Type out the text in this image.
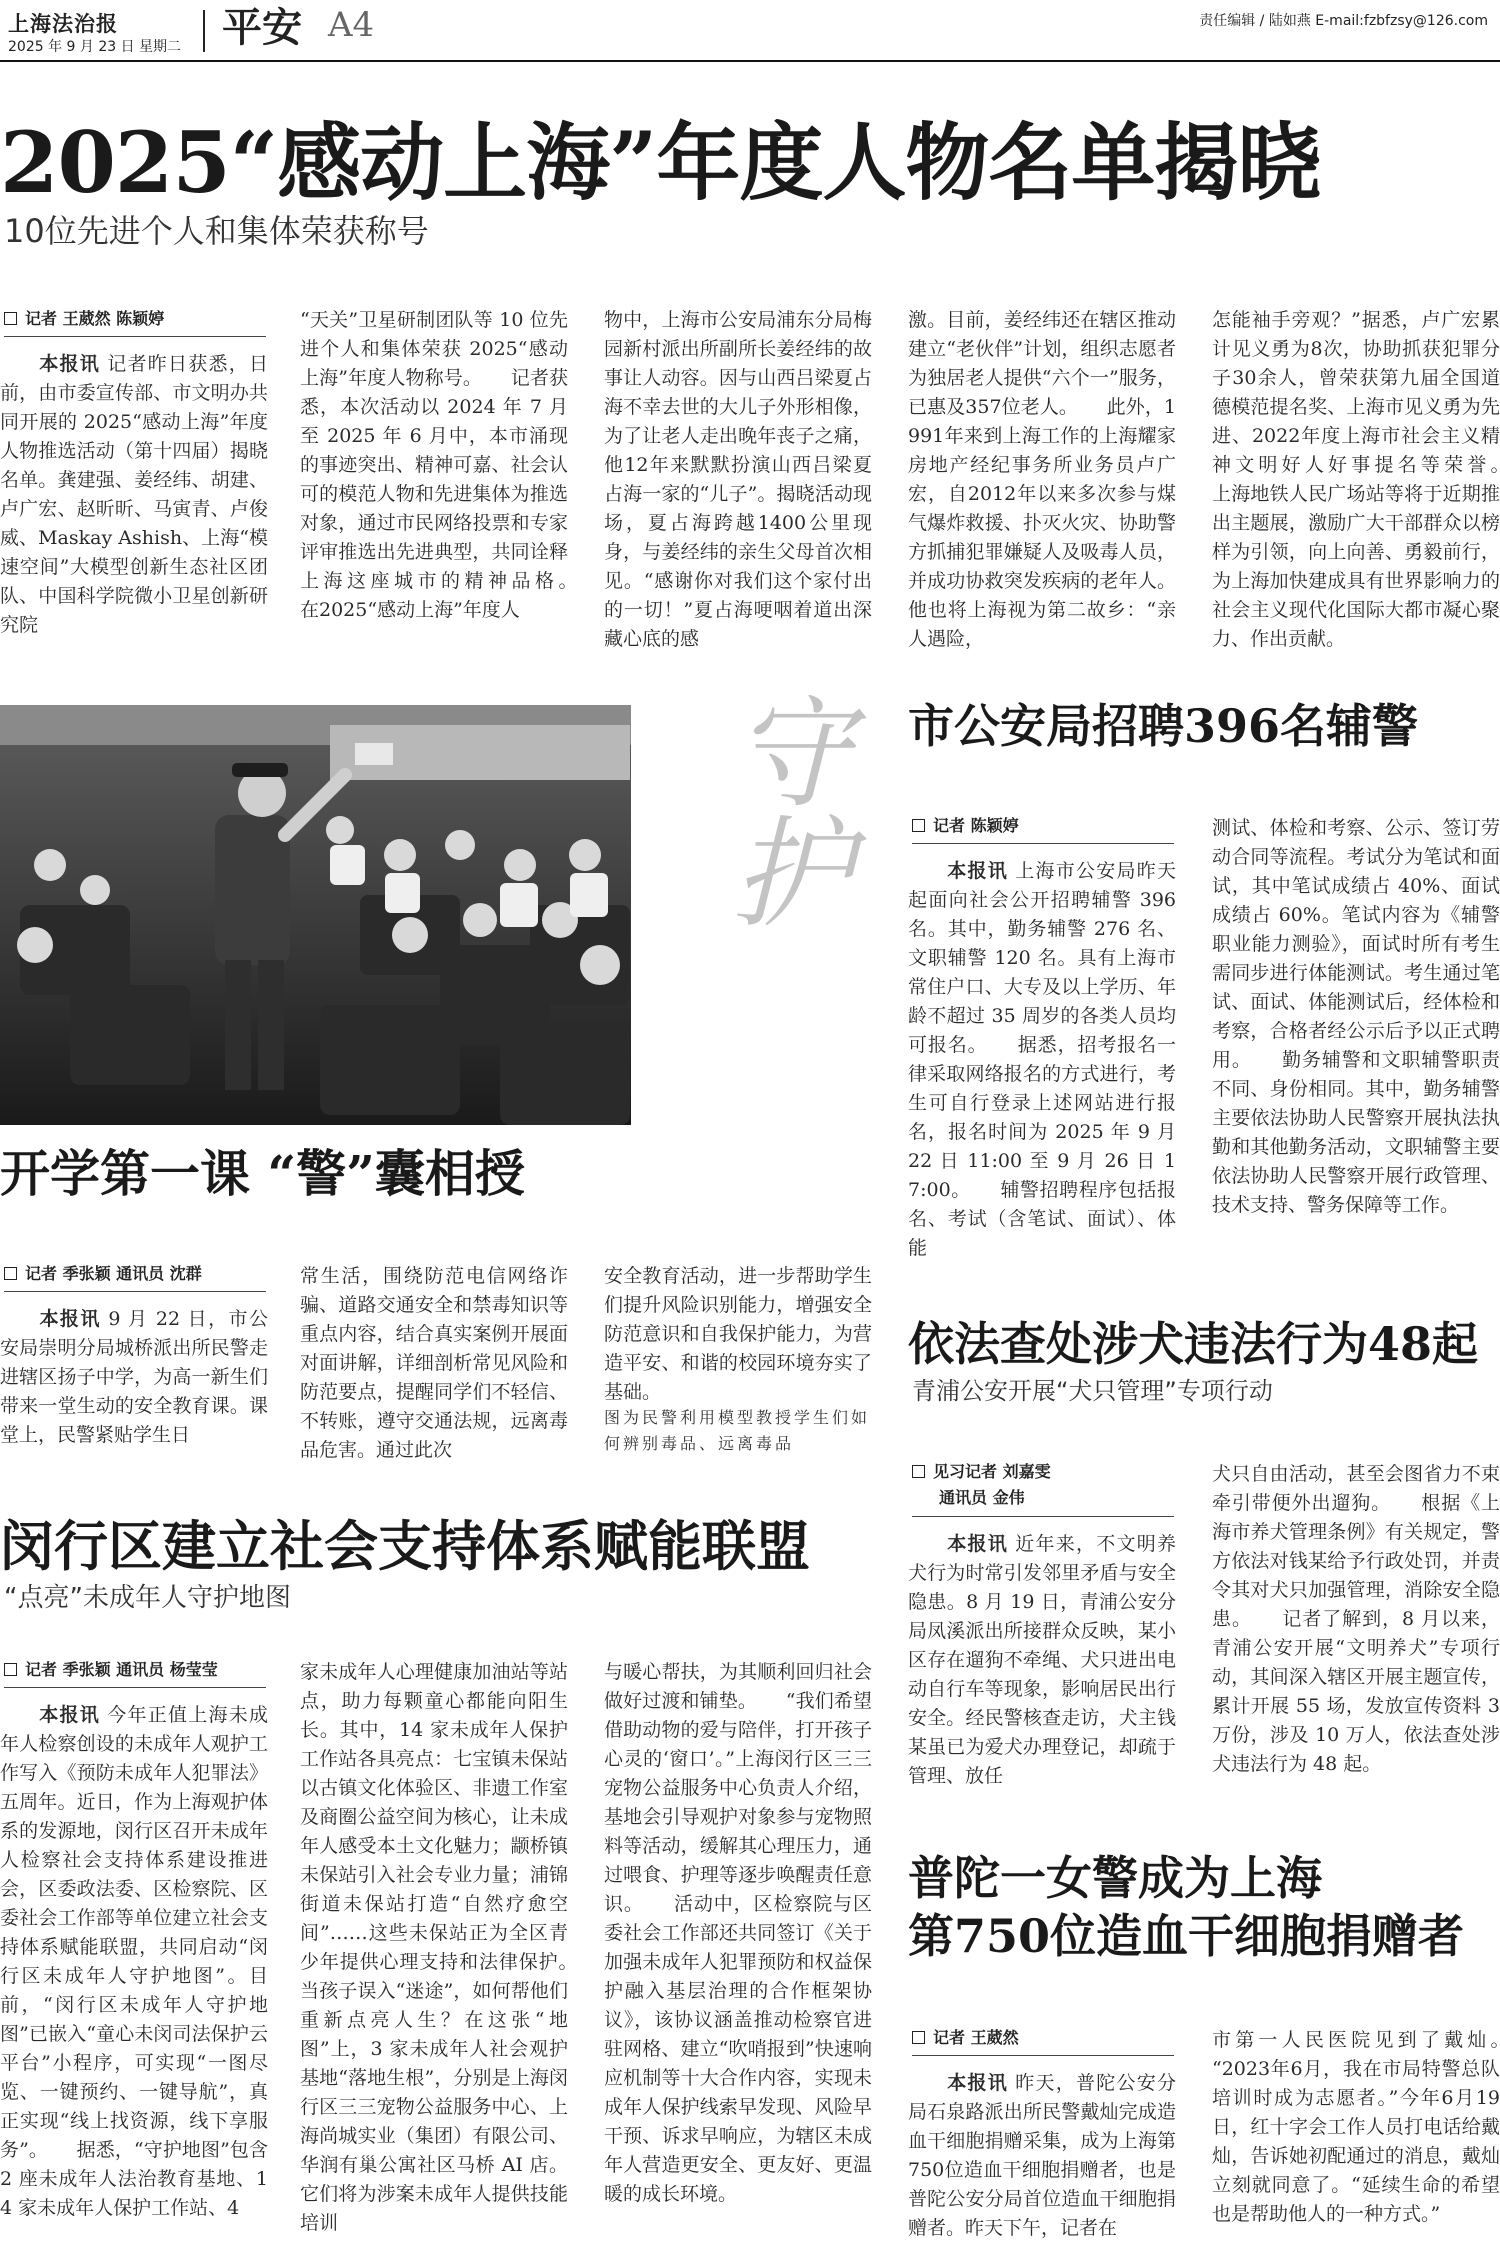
上海法治报
2025 年 9 月 23 日 星期二 平安 A4	责任编辑 / 陆如燕 E-mail:fzbfzsy@126.com
2025“感动上海”年度人物名单揭晓
10位先进个人和集体荣获称号
记者 王葳然 陈颖婷
本报讯 记者昨日获悉，日前，由市委宣传部、市文明办共同开展的 2025“感动上海”年度人物推选活动（第十四届）揭晓名单。龚建强、姜经纬、胡建、卢广宏、赵昕昕、马寅青、卢俊威、Maskay Ashish、上海“模速空间”大模型创新生态社区团队、中国科学院微小卫星创新研究院
“天关”卫星研制团队等 10 位先进个人和集体荣获 2025“感动上海”年度人物称号。　　记者获悉，本次活动以 2024 年 7 月至 2025 年 6 月中，本市涌现的事迹突出、精神可嘉、社会认可的模范人物和先进集体为推选对象，通过市民网络投票和专家评审推选出先进典型，共同诠释上海这座城市的精神品格。　　在2025“感动上海”年度人
物中，上海市公安局浦东分局梅园新村派出所副所长姜经纬的故事让人动容。因与山西吕梁夏占海不幸去世的大儿子外形相像，为了让老人走出晚年丧子之痛，他12年来默默扮演山西吕梁夏占海一家的“儿子”。揭晓活动现场，夏占海跨越1400公里现身，与姜经纬的亲生父母首次相见。“感谢你对我们这个家付出的一切！”夏占海哽咽着道出深藏心底的感
激。目前，姜经纬还在辖区推动建立“老伙伴”计划，组织志愿者为独居老人提供“六个一”服务，已惠及357位老人。　　此外，1991年来到上海工作的上海耀家房地产经纪事务所业务员卢广宏，自2012年以来多次参与煤气爆炸救援、扑灭火灾、协助警方抓捕犯罪嫌疑人及吸毒人员，并成功协救突发疾病的老年人。他也将上海视为第二故乡：“亲人遇险，
怎能袖手旁观？”据悉，卢广宏累计见义勇为8次，协助抓获犯罪分子30余人，曾荣获第九届全国道德模范提名奖、上海市见义勇为先进、2022年度上海市社会主义精神文明好人好事提名等荣誉。　　上海地铁人民广场站等将于近期推出主题展，激励广大干部群众以榜样为引领，向上向善、勇毅前行，为上海加快建成具有世界影响力的社会主义现代化国际大都市凝心聚力、作出贡献。
守护
开学第一课 “警”囊相授
记者 季张颖 通讯员 沈群
本报讯 9 月 22 日，市公安局崇明分局城桥派出所民警走进辖区扬子中学，为高一新生们带来一堂生动的安全教育课。课堂上，民警紧贴学生日
常生活，围绕防范电信网络诈骗、道路交通安全和禁毒知识等重点内容，结合真实案例开展面对面讲解，详细剖析常见风险和防范要点，提醒同学们不轻信、不转账，遵守交通法规，远离毒品危害。通过此次
安全教育活动，进一步帮助学生们提升风险识别能力，增强安全防范意识和自我保护能力，为营造平安、和谐的校园环境夯实了基础。
图为民警利用模型教授学生们如何辨别毒品、远离毒品
闵行区建立社会支持体系赋能联盟
“点亮”未成年人守护地图
记者 季张颖 通讯员 杨莹莹
本报讯 今年正值上海未成年人检察创设的未成年人观护工作写入《预防未成年人犯罪法》五周年。近日，作为上海观护体系的发源地，闵行区召开未成年人检察社会支持体系建设推进会，区委政法委、区检察院、区委社会工作部等单位建立社会支持体系赋能联盟，共同启动“闵行区未成年人守护地图”。目前，“闵行区未成年人守护地图”已嵌入“童心未闵司法保护云平台”小程序，可实现“一图尽览、一键预约、一键导航”，真正实现“线上找资源，线下享服务”。　　据悉，“守护地图”包含 2 座未成年人法治教育基地、14 家未成年人保护工作站、4
家未成年人心理健康加油站等站点，助力每颗童心都能向阳生长。其中，14 家未成年人保护工作站各具亮点：七宝镇未保站以古镇文化体验区、非遗工作室及商圈公益空间为核心，让未成年人感受本土文化魅力；颛桥镇未保站引入社会专业力量；浦锦街道未保站打造“自然疗愈空间”……这些未保站正为全区青少年提供心理支持和法律保护。　　当孩子误入“迷途”，如何帮他们重新点亮人生？在这张“地图”上，3 家未成年人社会观护基地“落地生根”，分别是上海闵行区三三宠物公益服务中心、上海尚城实业（集团）有限公司、华润有巢公寓社区马桥 AI 店。它们将为涉案未成年人提供技能培训
与暖心帮扶，为其顺利回归社会做好过渡和铺垫。　　“我们希望借助动物的爱与陪伴，打开孩子心灵的‘窗口’。”上海闵行区三三宠物公益服务中心负责人介绍，基地会引导观护对象参与宠物照料等活动，缓解其心理压力，通过喂食、护理等逐步唤醒责任意识。　　活动中，区检察院与区委社会工作部还共同签订《关于加强未成年人犯罪预防和权益保护融入基层治理的合作框架协议》，该协议涵盖推动检察官进驻网格、建立“吹哨报到”快速响应机制等十大合作内容，实现未成年人保护线索早发现、风险早干预、诉求早响应，为辖区未成年人营造更安全、更友好、更温暖的成长环境。
市公安局招聘396名辅警
记者 陈颖婷
本报讯 上海市公安局昨天起面向社会公开招聘辅警 396 名。其中，勤务辅警 276 名、文职辅警 120 名。具有上海市常住户口、大专及以上学历、年龄不超过 35 周岁的各类人员均可报名。　　据悉，招考报名一律采取网络报名的方式进行，考生可自行登录上述网站进行报名，报名时间为 2025 年 9 月 22 日 11:00 至 9 月 26 日 17:00。　　辅警招聘程序包括报名、考试（含笔试、面试）、体能
测试、体检和考察、公示、签订劳动合同等流程。考试分为笔试和面试，其中笔试成绩占 40%、面试成绩占 60%。笔试内容为《辅警职业能力测验》，面试时所有考生需同步进行体能测试。考生通过笔试、面试、体能测试后，经体检和考察，合格者经公示后予以正式聘用。　　勤务辅警和文职辅警职责不同、身份相同。其中，勤务辅警主要依法协助人民警察开展执法执勤和其他勤务活动，文职辅警主要依法协助人民警察开展行政管理、技术支持、警务保障等工作。
依法查处涉犬违法行为48起
青浦公安开展“犬只管理”专项行动
见习记者 刘嘉雯
通讯员 金伟
本报讯 近年来，不文明养犬行为时常引发邻里矛盾与安全隐患。8 月 19 日，青浦公安分局凤溪派出所接群众反映，某小区存在遛狗不牵绳、犬只进出电动自行车等现象，影响居民出行安全。经民警核查走访，犬主钱某虽已为爱犬办理登记，却疏于管理、放任
犬只自由活动，甚至会图省力不束牵引带便外出遛狗。　　根据《上海市养犬管理条例》有关规定，警方依法对钱某给予行政处罚，并责令其对犬只加强管理，消除安全隐患。　　记者了解到，8 月以来，青浦公安开展“文明养犬”专项行动，其间深入辖区开展主题宣传，累计开展 55 场，发放宣传资料 3 万份，涉及 10 万人，依法查处涉犬违法行为 48 起。
普陀一女警成为上海
第750位造血干细胞捐赠者
记者 王葳然
本报讯 昨天，普陀公安分局石泉路派出所民警戴灿完成造血干细胞捐赠采集，成为上海第750位造血干细胞捐赠者，也是普陀公安分局首位造血干细胞捐赠者。昨天下午，记者在
市第一人民医院见到了戴灿。　　“2023年6月，我在市局特警总队培训时成为志愿者。”今年6月19日，红十字会工作人员打电话给戴灿，告诉她初配通过的消息，戴灿立刻就同意了。“延续生命的希望也是帮助他人的一种方式。”
